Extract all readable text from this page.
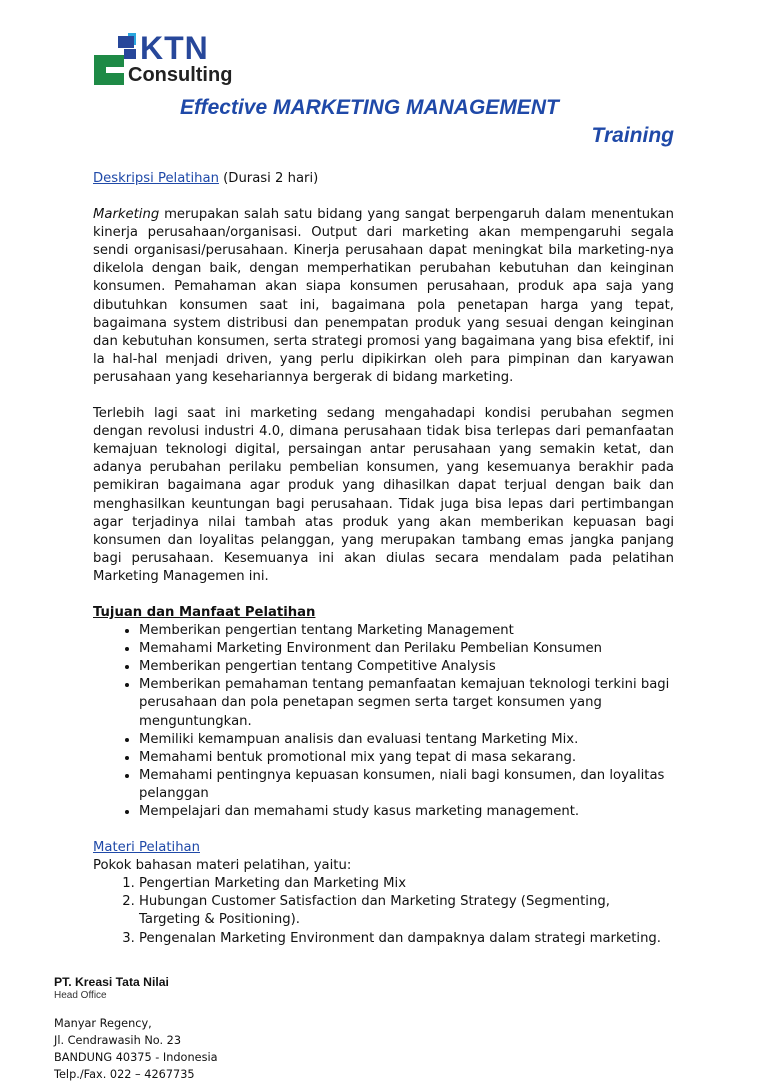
KTN
Consulting
Effective MARKETING MANAGEMENT
Training

Deskripsi Pelatihan (Durasi 2 hari)

Marketing merupakan salah satu bidang yang sangat berpengaruh dalam menentukan kinerja perusahaan/organisasi. Output dari marketing akan mempengaruhi segala sendi organisasi/perusahaan. Kinerja perusahaan dapat meningkat bila marketing-nya dikelola dengan baik, dengan memperhatikan perubahan kebutuhan dan keinginan konsumen. Pemahaman akan siapa konsumen perusahaan, produk apa saja yang dibutuhkan konsumen saat ini, bagaimana pola penetapan harga yang tepat, bagaimana system distribusi dan penempatan produk yang sesuai dengan keinginan dan kebutuhan konsumen, serta strategi promosi yang bagaimana yang bisa efektif, ini la hal-hal menjadi driven, yang perlu dipikirkan oleh para pimpinan dan karyawan perusahaan yang kesehariannya bergerak di bidang marketing.

Terlebih lagi saat ini marketing sedang mengahadapi kondisi perubahan segmen dengan revolusi industri 4.0, dimana perusahaan tidak bisa terlepas dari pemanfaatan kemajuan teknologi digital, persaingan antar perusahaan yang semakin ketat, dan adanya perubahan perilaku pembelian konsumen, yang kesemuanya berakhir pada pemikiran bagaimana agar produk yang dihasilkan dapat terjual dengan baik dan menghasilkan keuntungan bagi perusahaan. Tidak juga bisa lepas dari pertimbangan agar terjadinya nilai tambah atas produk yang akan memberikan kepuasan bagi konsumen dan loyalitas pelanggan, yang merupakan tambang emas jangka panjang bagi perusahaan. Kesemuanya ini akan diulas secara mendalam pada pelatihan Marketing Managemen ini.

Tujuan dan Manfaat Pelatihan

• Memberikan pengertian tentang Marketing Management
• Memahami Marketing Environment dan Perilaku Pembelian Konsumen
• Memberikan pengertian tentang Competitive Analysis
• Memberikan pemahaman tentang pemanfaatan kemajuan teknologi terkini bagi perusahaan dan pola penetapan segmen serta target konsumen yang menguntungkan.
• Memiliki kemampuan analisis dan evaluasi tentang Marketing Mix.
• Memahami bentuk promotional mix yang tepat di masa sekarang.
• Memahami pentingnya kepuasan konsumen, niali bagi konsumen, dan loyalitas pelanggan
• Mempelajari dan memahami study kasus marketing management.

Materi Pelatihan

Pokok bahasan materi pelatihan, yaitu:

1. Pengertian Marketing dan Marketing Mix
2. Hubungan Customer Satisfaction dan Marketing Strategy (Segmenting, Targeting & Positioning).
3. Pengenalan Marketing Environment dan dampaknya dalam strategi marketing.
PT. Kreasi Tata Nilai
Head Office
Manyar Regency,
Jl. Cendrawasih No. 23
BANDUNG 40375 - Indonesia
Telp./Fax. 022 – 4267735
